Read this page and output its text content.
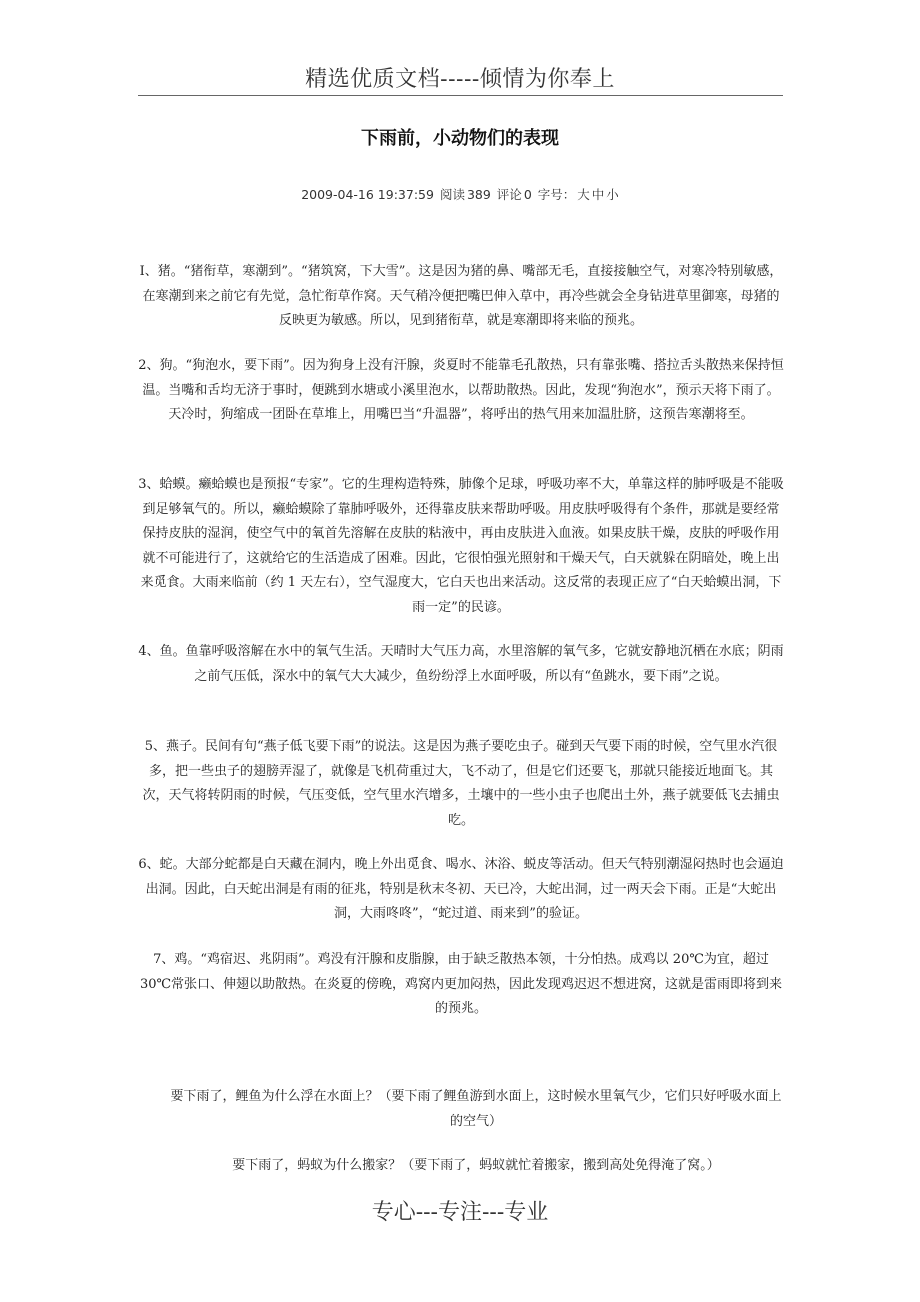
精选优质文档-----倾情为你奉上
下雨前，小动物们的表现
2009-04-16 19:37:59 阅读 389 评论 0 字号： 大 中 小

I、猪。“猪衔草，寒潮到”。“猪筑窝，下大雪”。这是因为猪的鼻、嘴部无毛，直接接触空气，对寒冷特别敏感，在寒潮到来之前它有先觉，急忙衔草作窝。天气稍冷便把嘴巴伸入草中，再冷些就会全身钻进草里御寒，母猪的反映更为敏感。所以，见到猪衔草，就是寒潮即将来临的预兆。

2、狗。“狗泡水，要下雨”。因为狗身上没有汗腺，炎夏时不能靠毛孔散热，只有靠张嘴、搭拉舌头散热来保持恒温。当嘴和舌均无济于事时，便跳到水塘或小溪里泡水，以帮助散热。因此，发现“狗泡水”，预示天将下雨了。天冷时，狗缩成一团卧在草堆上，用嘴巴当“升温器”，将呼出的热气用来加温肚脐，这预告寒潮将至。

3、蛤蟆。癞蛤蟆也是预报“专家”。它的生理构造特殊，肺像个足球，呼吸功率不大，单靠这样的肺呼吸是不能吸到足够氧气的。所以，癞蛤蟆除了靠肺呼吸外，还得靠皮肤来帮助呼吸。用皮肤呼吸得有个条件，那就是要经常保持皮肤的湿润，使空气中的氧首先溶解在皮肤的粘液中，再由皮肤进入血液。如果皮肤干燥，皮肤的呼吸作用就不可能进行了，这就给它的生活造成了困难。因此，它很怕强光照射和干燥天气，白天就躲在阴暗处，晚上出来觅食。大雨来临前（约 1 天左右），空气湿度大，它白天也出来活动。这反常的表现正应了“白天蛤蟆出洞，下雨一定”的民谚。

4、鱼。鱼靠呼吸溶解在水中的氧气生活。天晴时大气压力高，水里溶解的氧气多，它就安静地沉栖在水底；阴雨之前气压低，深水中的氧气大大减少，鱼纷纷浮上水面呼吸，所以有“鱼跳水，要下雨”之说。

5、燕子。民间有句“燕子低飞要下雨”的说法。这是因为燕子要吃虫子。碰到天气要下雨的时候，空气里水汽很多，把一些虫子的翅膀弄湿了，就像是飞机荷重过大，飞不动了，但是它们还要飞，那就只能接近地面飞。其次，天气将转阴雨的时候，气压变低，空气里水汽增多，土壤中的一些小虫子也爬出土外，燕子就要低飞去捕虫吃。

6、蛇。大部分蛇都是白天藏在洞内，晚上外出觅食、喝水、沐浴、蜕皮等活动。但天气特别潮湿闷热时也会逼迫出洞。因此，白天蛇出洞是有雨的征兆，特别是秋末冬初、天已冷，大蛇出洞，过一两天会下雨。正是“大蛇出洞，大雨咚咚”，“蛇过道、雨来到”的验证。

7、鸡。“鸡宿迟、兆阴雨”。鸡没有汗腺和皮脂腺，由于缺乏散热本领，十分怕热。成鸡以 20℃为宜，超过 30℃常张口、伸翅以助散热。在炎夏的傍晚，鸡窝内更加闷热，因此发现鸡迟迟不想进窝，这就是雷雨即将到来的预兆。

要下雨了，鲤鱼为什么浮在水面上？（要下雨了鲤鱼游到水面上，这时候水里氧气少，它们只好呼吸水面上的空气）

要下雨了，蚂蚁为什么搬家？（要下雨了，蚂蚁就忙着搬家，搬到高处免得淹了窝。）

专心---专注---专业
